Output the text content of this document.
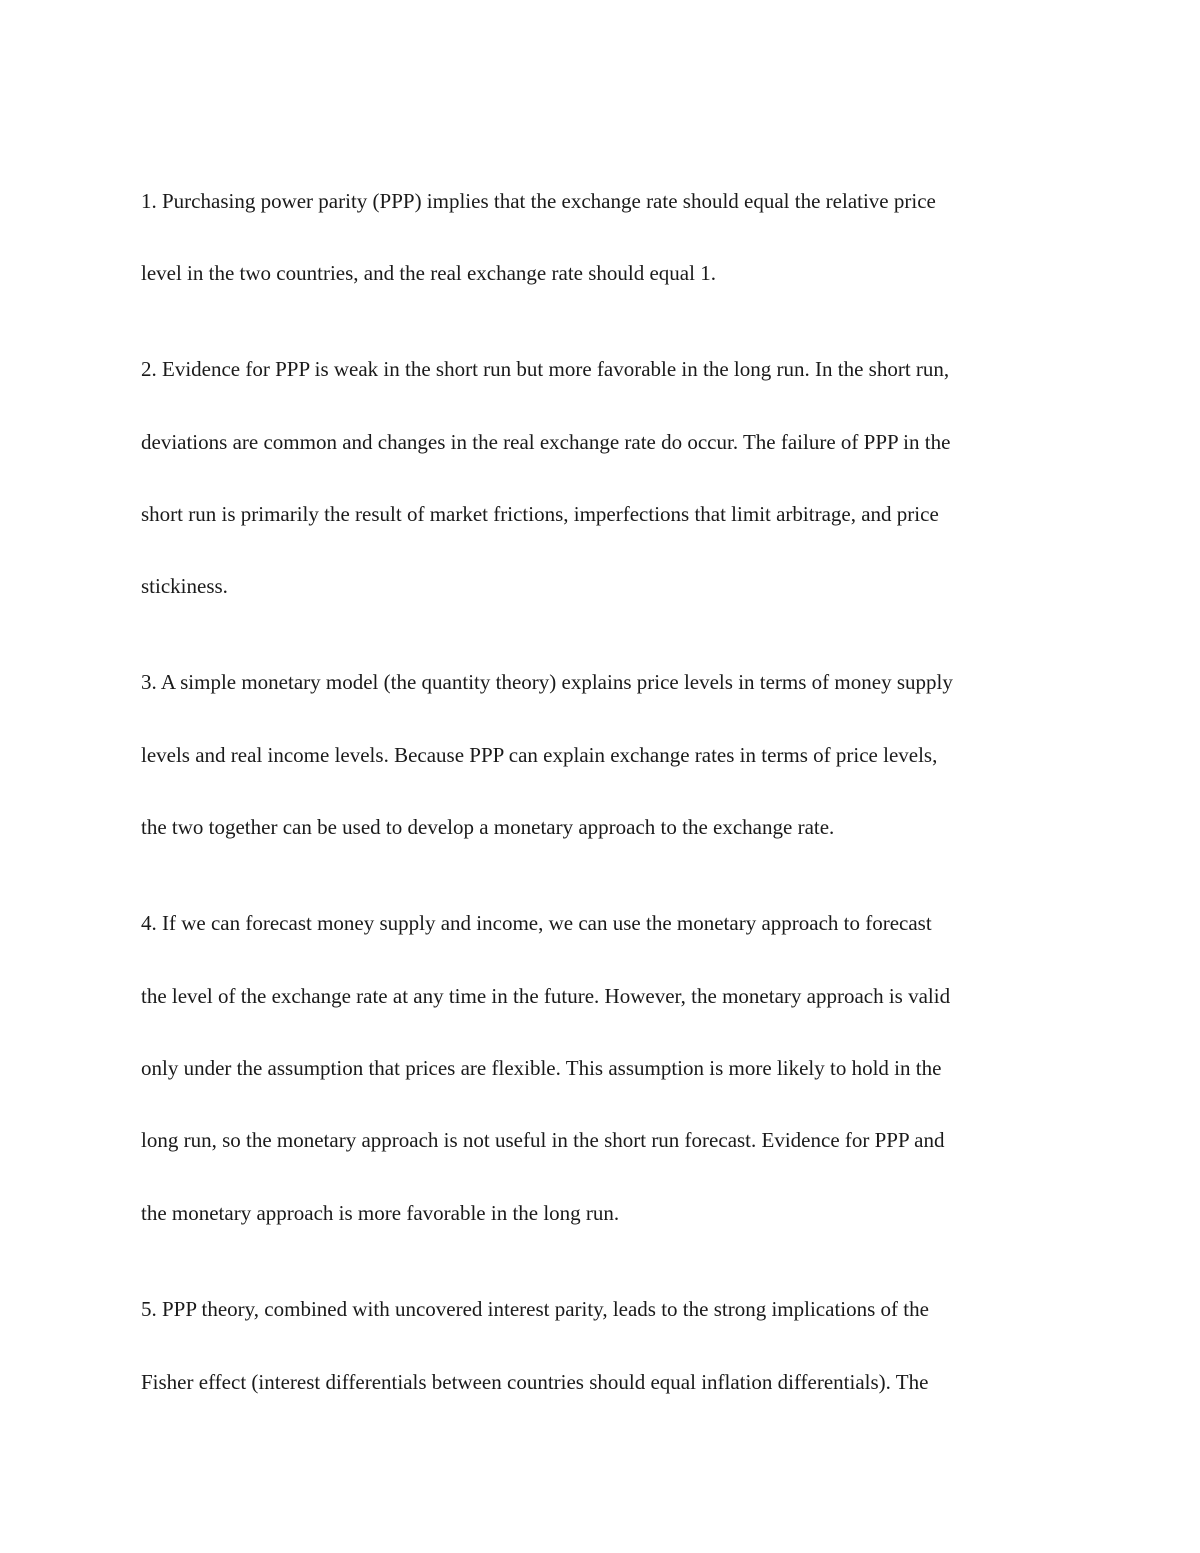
1. Purchasing power parity (PPP) implies that the exchange rate should equal the relative price

level in the two countries, and the real exchange rate should equal 1.

2. Evidence for PPP is weak in the short run but more favorable in the long run. In the short run,

deviations are common and changes in the real exchange rate do occur. The failure of PPP in the

short run is primarily the result of market frictions, imperfections that limit arbitrage, and price

stickiness.

3. A simple monetary model (the quantity theory) explains price levels in terms of money supply

levels and real income levels. Because PPP can explain exchange rates in terms of price levels,

the two together can be used to develop a monetary approach to the exchange rate.

4. If we can forecast money supply and income, we can use the monetary approach to forecast

the level of the exchange rate at any time in the future. However, the monetary approach is valid

only under the assumption that prices are flexible. This assumption is more likely to hold in the

long run, so the monetary approach is not useful in the short run forecast. Evidence for PPP and

the monetary approach is more favorable in the long run.

5. PPP theory, combined with uncovered interest parity, leads to the strong implications of the

Fisher effect (interest differentials between countries should equal inflation differentials). The
